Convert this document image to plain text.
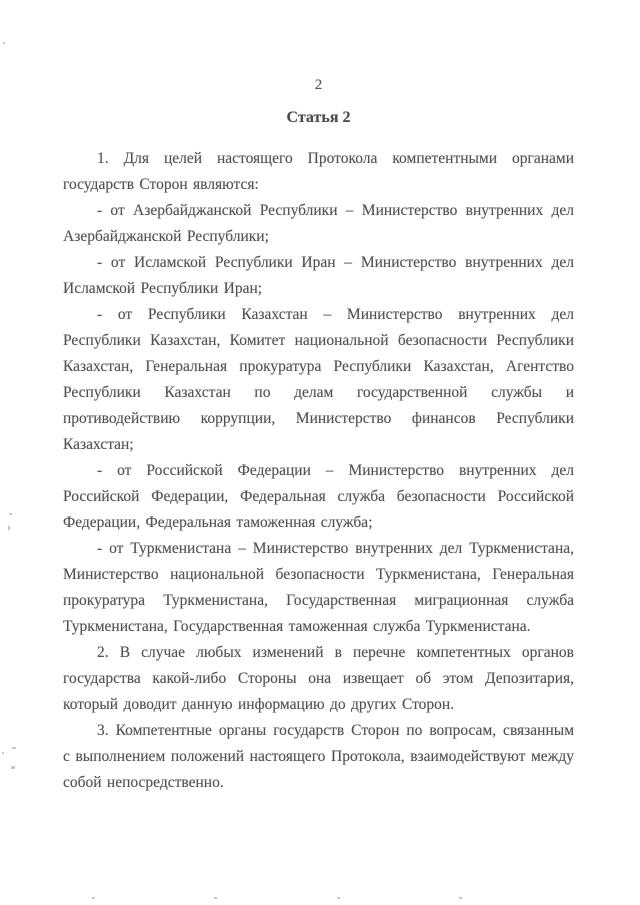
2
Статья 2

1. Для целей настоящего Протокола компетентными органами государств Сторон являются:

- от Азербайджанской Республики – Министерство внутренних дел Азербайджанской Республики;

- от Исламской Республики Иран – Министерство внутренних дел Исламской Республики Иран;

- от Республики Казахстан – Министерство внутренних дел Республики Казахстан, Комитет национальной безопасности Республики Казахстан, Генеральная прокуратура Республики Казахстан, Агентство Республики Казахстан по делам государственной службы и противодействию коррупции, Министерство финансов Республики Казахстан;

- от Российской Федерации – Министерство внутренних дел Российской Федерации, Федеральная служба безопасности Российской Федерации, Федеральная таможенная служба;

- от Туркменистана – Министерство внутренних дел Туркменистана, Министерство национальной безопасности Туркменистана, Генеральная прокуратура Туркменистана, Государственная миграционная служба Туркменистана, Государственная таможенная служба Туркменистана.

2. В случае любых изменений в перечне компетентных органов государства какой-либо Стороны она извещает об этом Депозитария, который доводит данную информацию до других Сторон.

3. Компетентные органы государств Сторон по вопросам, связанным с выполнением положений настоящего Протокола, взаимодействуют между собой непосредственно.
